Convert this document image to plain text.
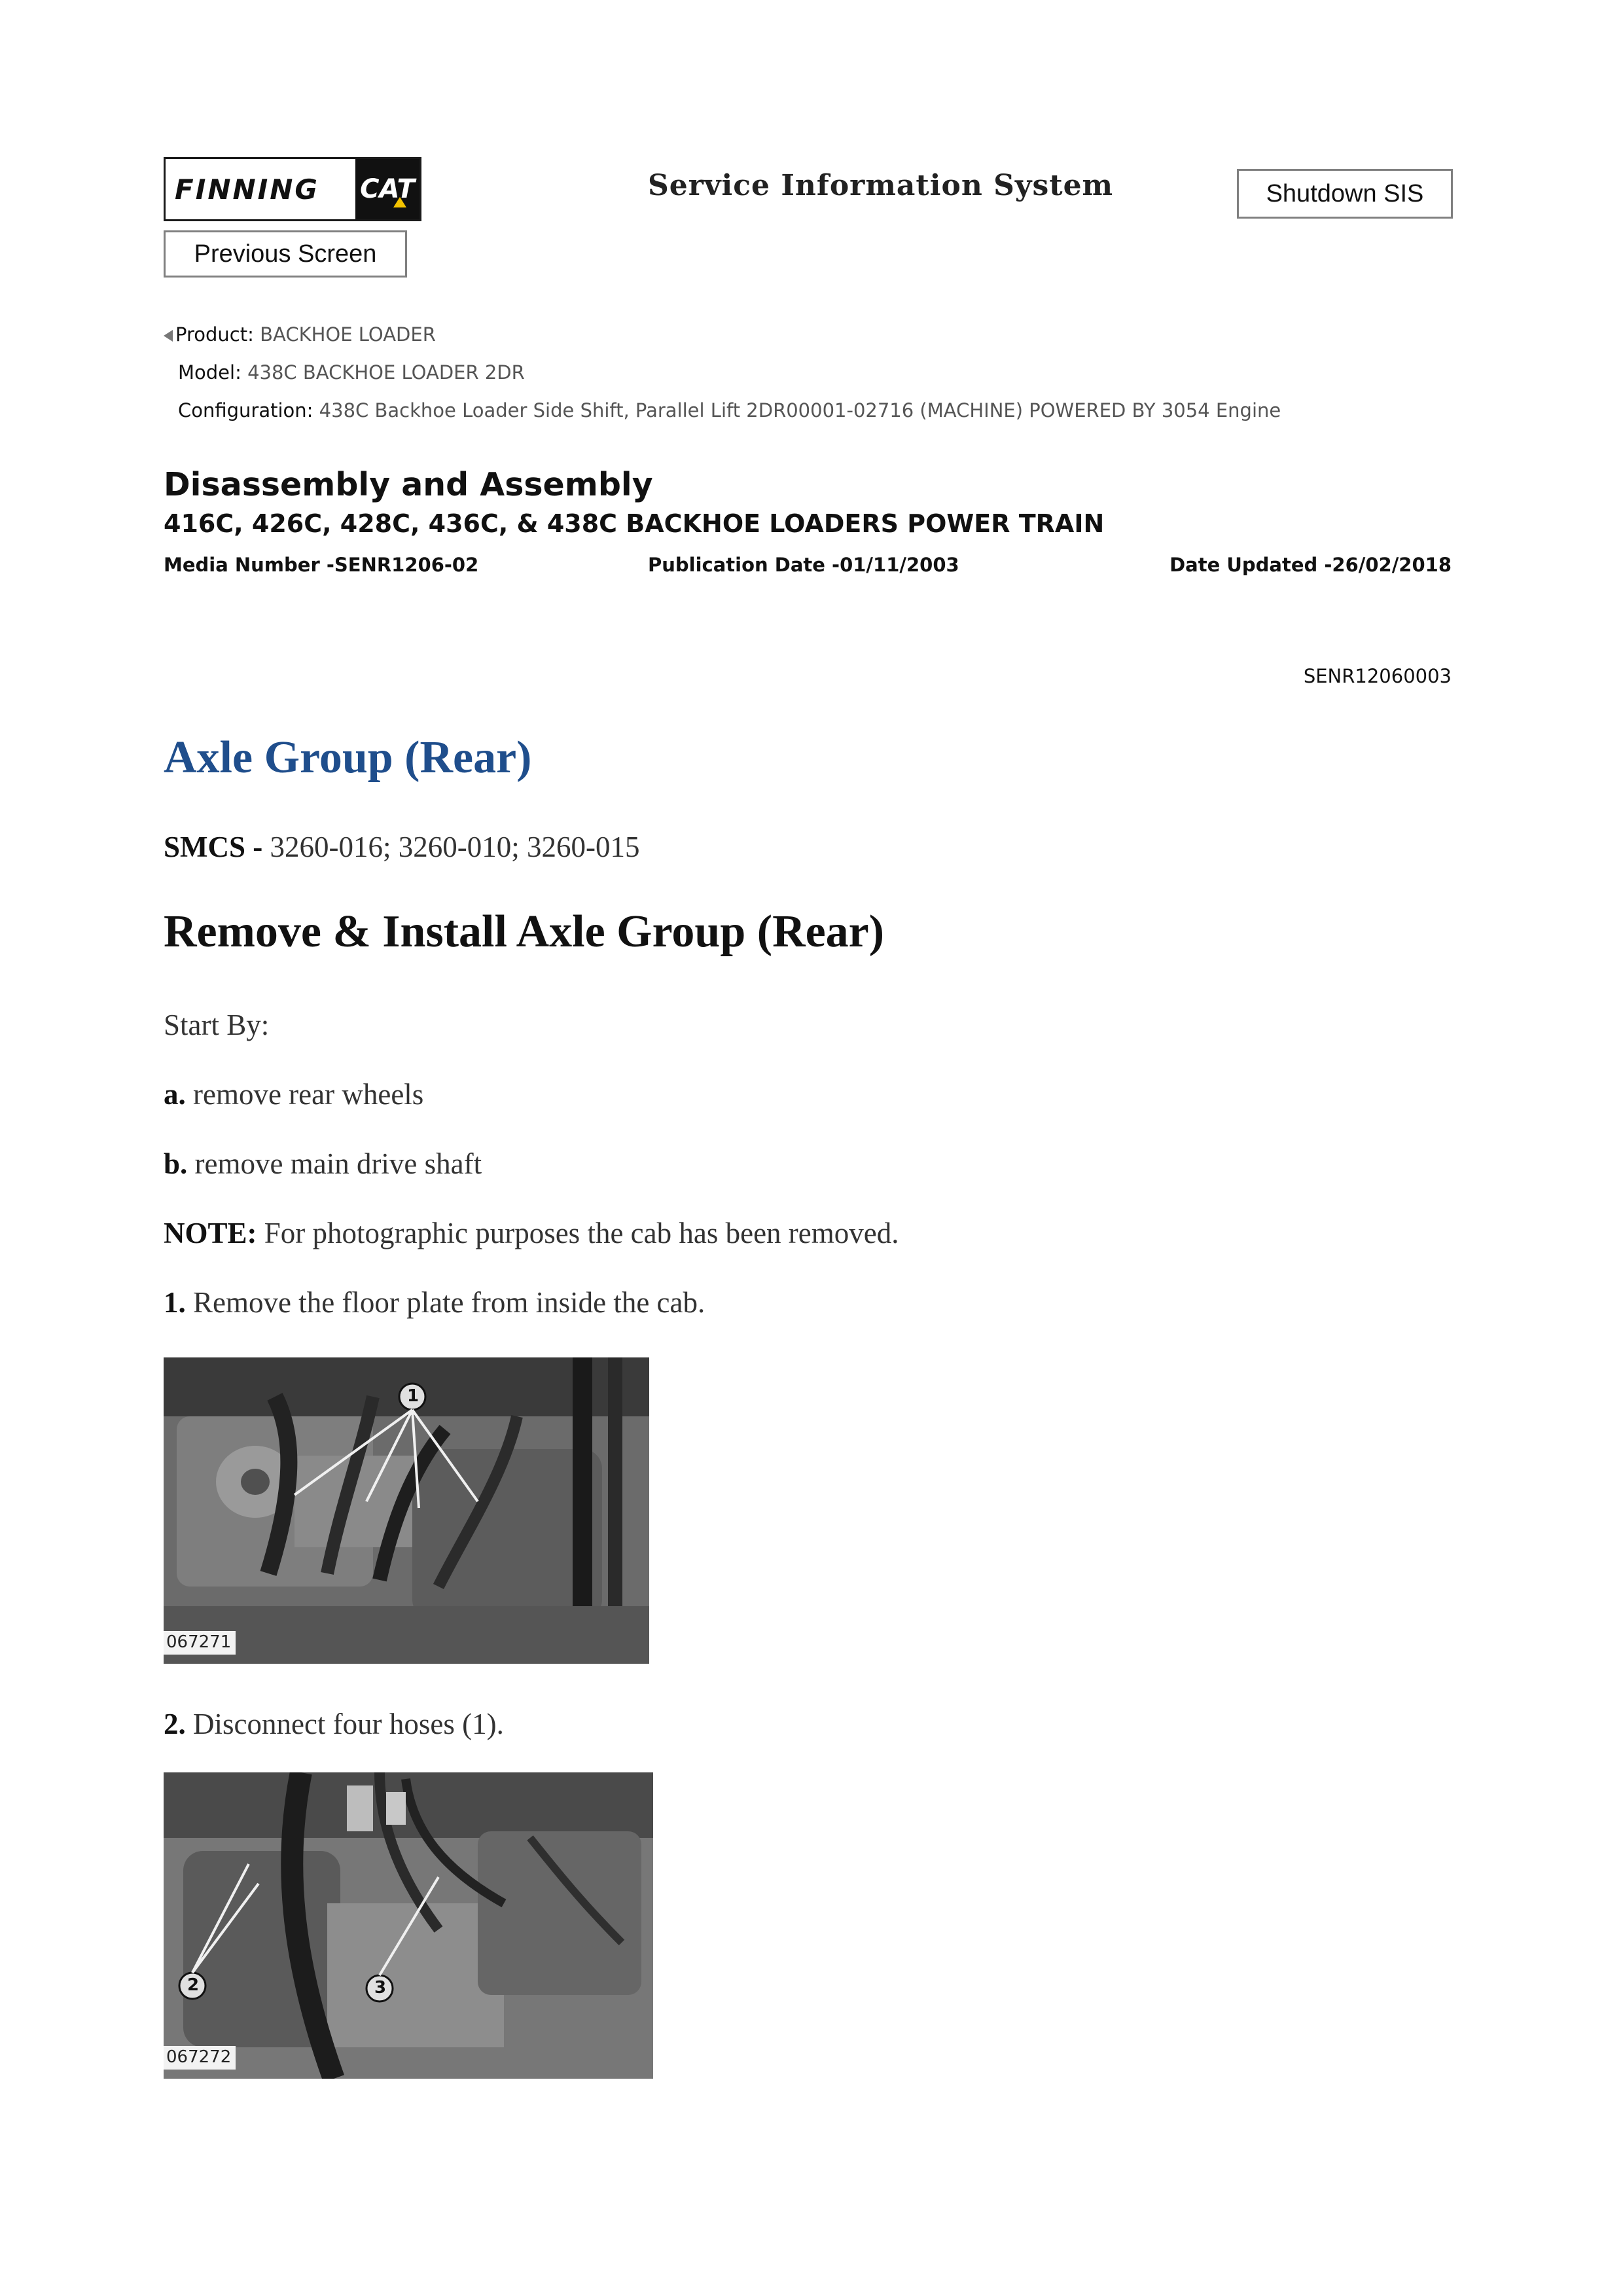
FINNING CAT	Service Information System	Shutdown SIS
Previous Screen
Product: BACKHOE LOADER
Model: 438C BACKHOE LOADER 2DR
Configuration: 438C Backhoe Loader Side Shift, Parallel Lift 2DR00001-02716 (MACHINE) POWERED BY 3054 Engine
Disassembly and Assembly
416C, 426C, 428C, 436C, & 438C BACKHOE LOADERS POWER TRAIN
Media Number -SENR1206-02	Publication Date -01/11/2003	Date Updated -26/02/2018
SENR12060003
Axle Group (Rear)
SMCS - 3260-016; 3260-010; 3260-015
Remove & Install Axle Group (Rear)
Start By:
a. remove rear wheels
b. remove main drive shaft
NOTE: For photographic purposes the cab has been removed.
1. Remove the floor plate from inside the cab.
1
067271
2. Disconnect four hoses (1).
2	3
067272
